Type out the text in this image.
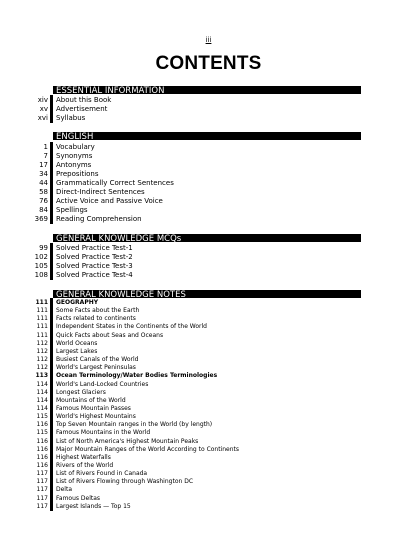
iii
CONTENTS
ESSENTIAL INFORMATION
xiv About this Book
xv Advertisement
xvi Syllabus
ENGLISH
1 Vocabulary
7 Synonyms
17 Antonyms
34 Prepositions
44 Grammatically Correct Sentences
58 Direct-Indirect Sentences
76 Active Voice and Passive Voice
84 Spellings
369 Reading Comprehension
GENERAL KNOWLEDGE MCQs
99 Solved Practice Test-1
102 Solved Practice Test-2
105 Solved Practice Test-3
108 Solved Practice Test-4
GENERAL KNOWLEDGE NOTES
111 GEOGRAPHY
111 Some Facts about the Earth
111 Facts related to continents
111 Independent States in the Continents of the World
111 Quick Facts about Seas and Oceans
112 World Oceans
112 Largest Lakes
112 Busiest Canals of the World
112 World's Largest Peninsulas
113 Ocean Terminology/Water Bodies Terminologies
114 World's Land-Locked Countries
114 Longest Glaciers
114 Mountains of the World
114 Famous Mountain Passes
115 World's Highest Mountains
116 Top Seven Mountain ranges in the World (by length)
115 Famous Mountains in the World
116 List of North America's Highest Mountain Peaks
116 Major Mountain Ranges of the World According to Continents
116 Highest Waterfalls
116 Rivers of the World
117 List of Rivers Found in Canada
117 List of Rivers Flowing through Washington DC
117 Delta
117 Famous Deltas
117 Largest Islands — Top 15
